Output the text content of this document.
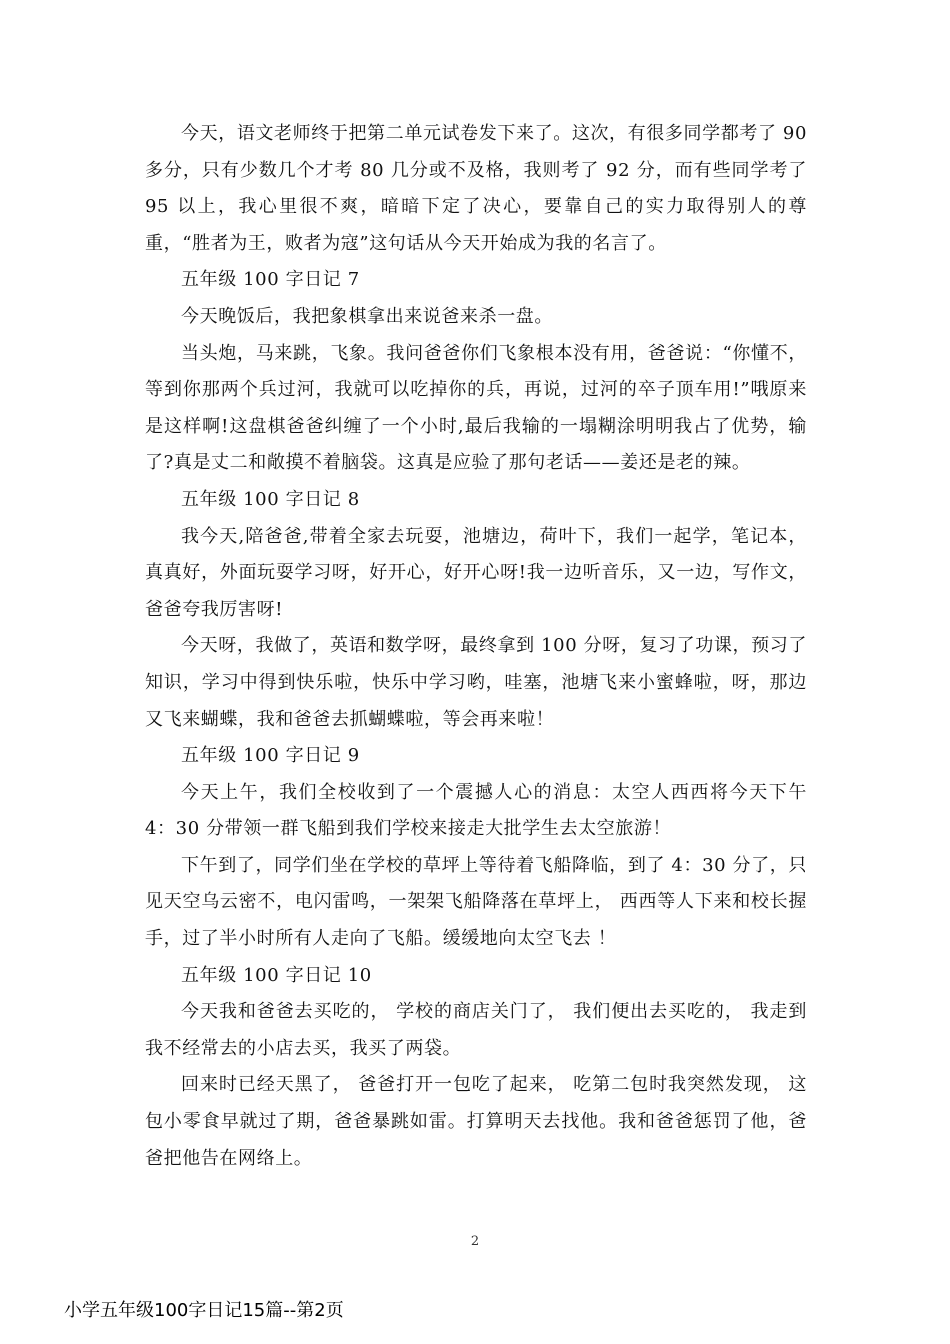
今天，语文老师终于把第二单元试卷发下来了。这次，有很多同学都考了 90 多分，只有少数几个才考 80 几分或不及格，我则考了 92 分，而有些同学考了 95 以上，我心里很不爽，暗暗下定了决心，要靠自己的实力取得别人的尊重，“胜者为王，败者为寇”这句话从今天开始成为我的名言了。

五年级 100 字日记 7

今天晚饭后，我把象棋拿出来说爸来杀一盘。

当头炮，马来跳，飞象。我问爸爸你们飞象根本没有用，爸爸说：“你懂不，等到你那两个兵过河，我就可以吃掉你的兵，再说，过河的卒子顶车用!”哦原来是这样啊!这盘棋爸爸纠缠了一个小时,最后我输的一塌糊涂明明我占了优势，输了?真是丈二和敞摸不着脑袋。这真是应验了那句老话——姜还是老的辣。

五年级 100 字日记 8

我今天,陪爸爸,带着全家去玩耍，池塘边，荷叶下，我们一起学，笔记本，真真好，外面玩耍学习呀，好开心，好开心呀!我一边听音乐，又一边，写作文，爸爸夸我厉害呀!

今天呀，我做了，英语和数学呀，最终拿到 100 分呀，复习了功课，预习了知识，学习中得到快乐啦，快乐中学习哟，哇塞，池塘飞来小蜜蜂啦，呀，那边又飞来蝴蝶，我和爸爸去抓蝴蝶啦，等会再来啦！

五年级 100 字日记 9

今天上午，我们全校收到了一个震撼人心的消息：太空人西西将今天下午 4：30 分带领一群飞船到我们学校来接走大批学生去太空旅游！

下午到了，同学们坐在学校的草坪上等待着飞船降临，到了 4：30 分了，只见天空乌云密不，电闪雷鸣，一架架飞船降落在草坪上， 西西等人下来和校长握手，过了半小时所有人走向了飞船。缓缓地向太空飞去 ！

五年级 100 字日记 10

今天我和爸爸去买吃的， 学校的商店关门了， 我们便出去买吃的， 我走到我不经常去的小店去买，我买了两袋。

回来时已经天黑了， 爸爸打开一包吃了起来， 吃第二包时我突然发现， 这包小零食早就过了期，爸爸暴跳如雷。打算明天去找他。我和爸爸惩罚了他，爸爸把他告在网络上。

2
小学五年级100字日记15篇--第2页
